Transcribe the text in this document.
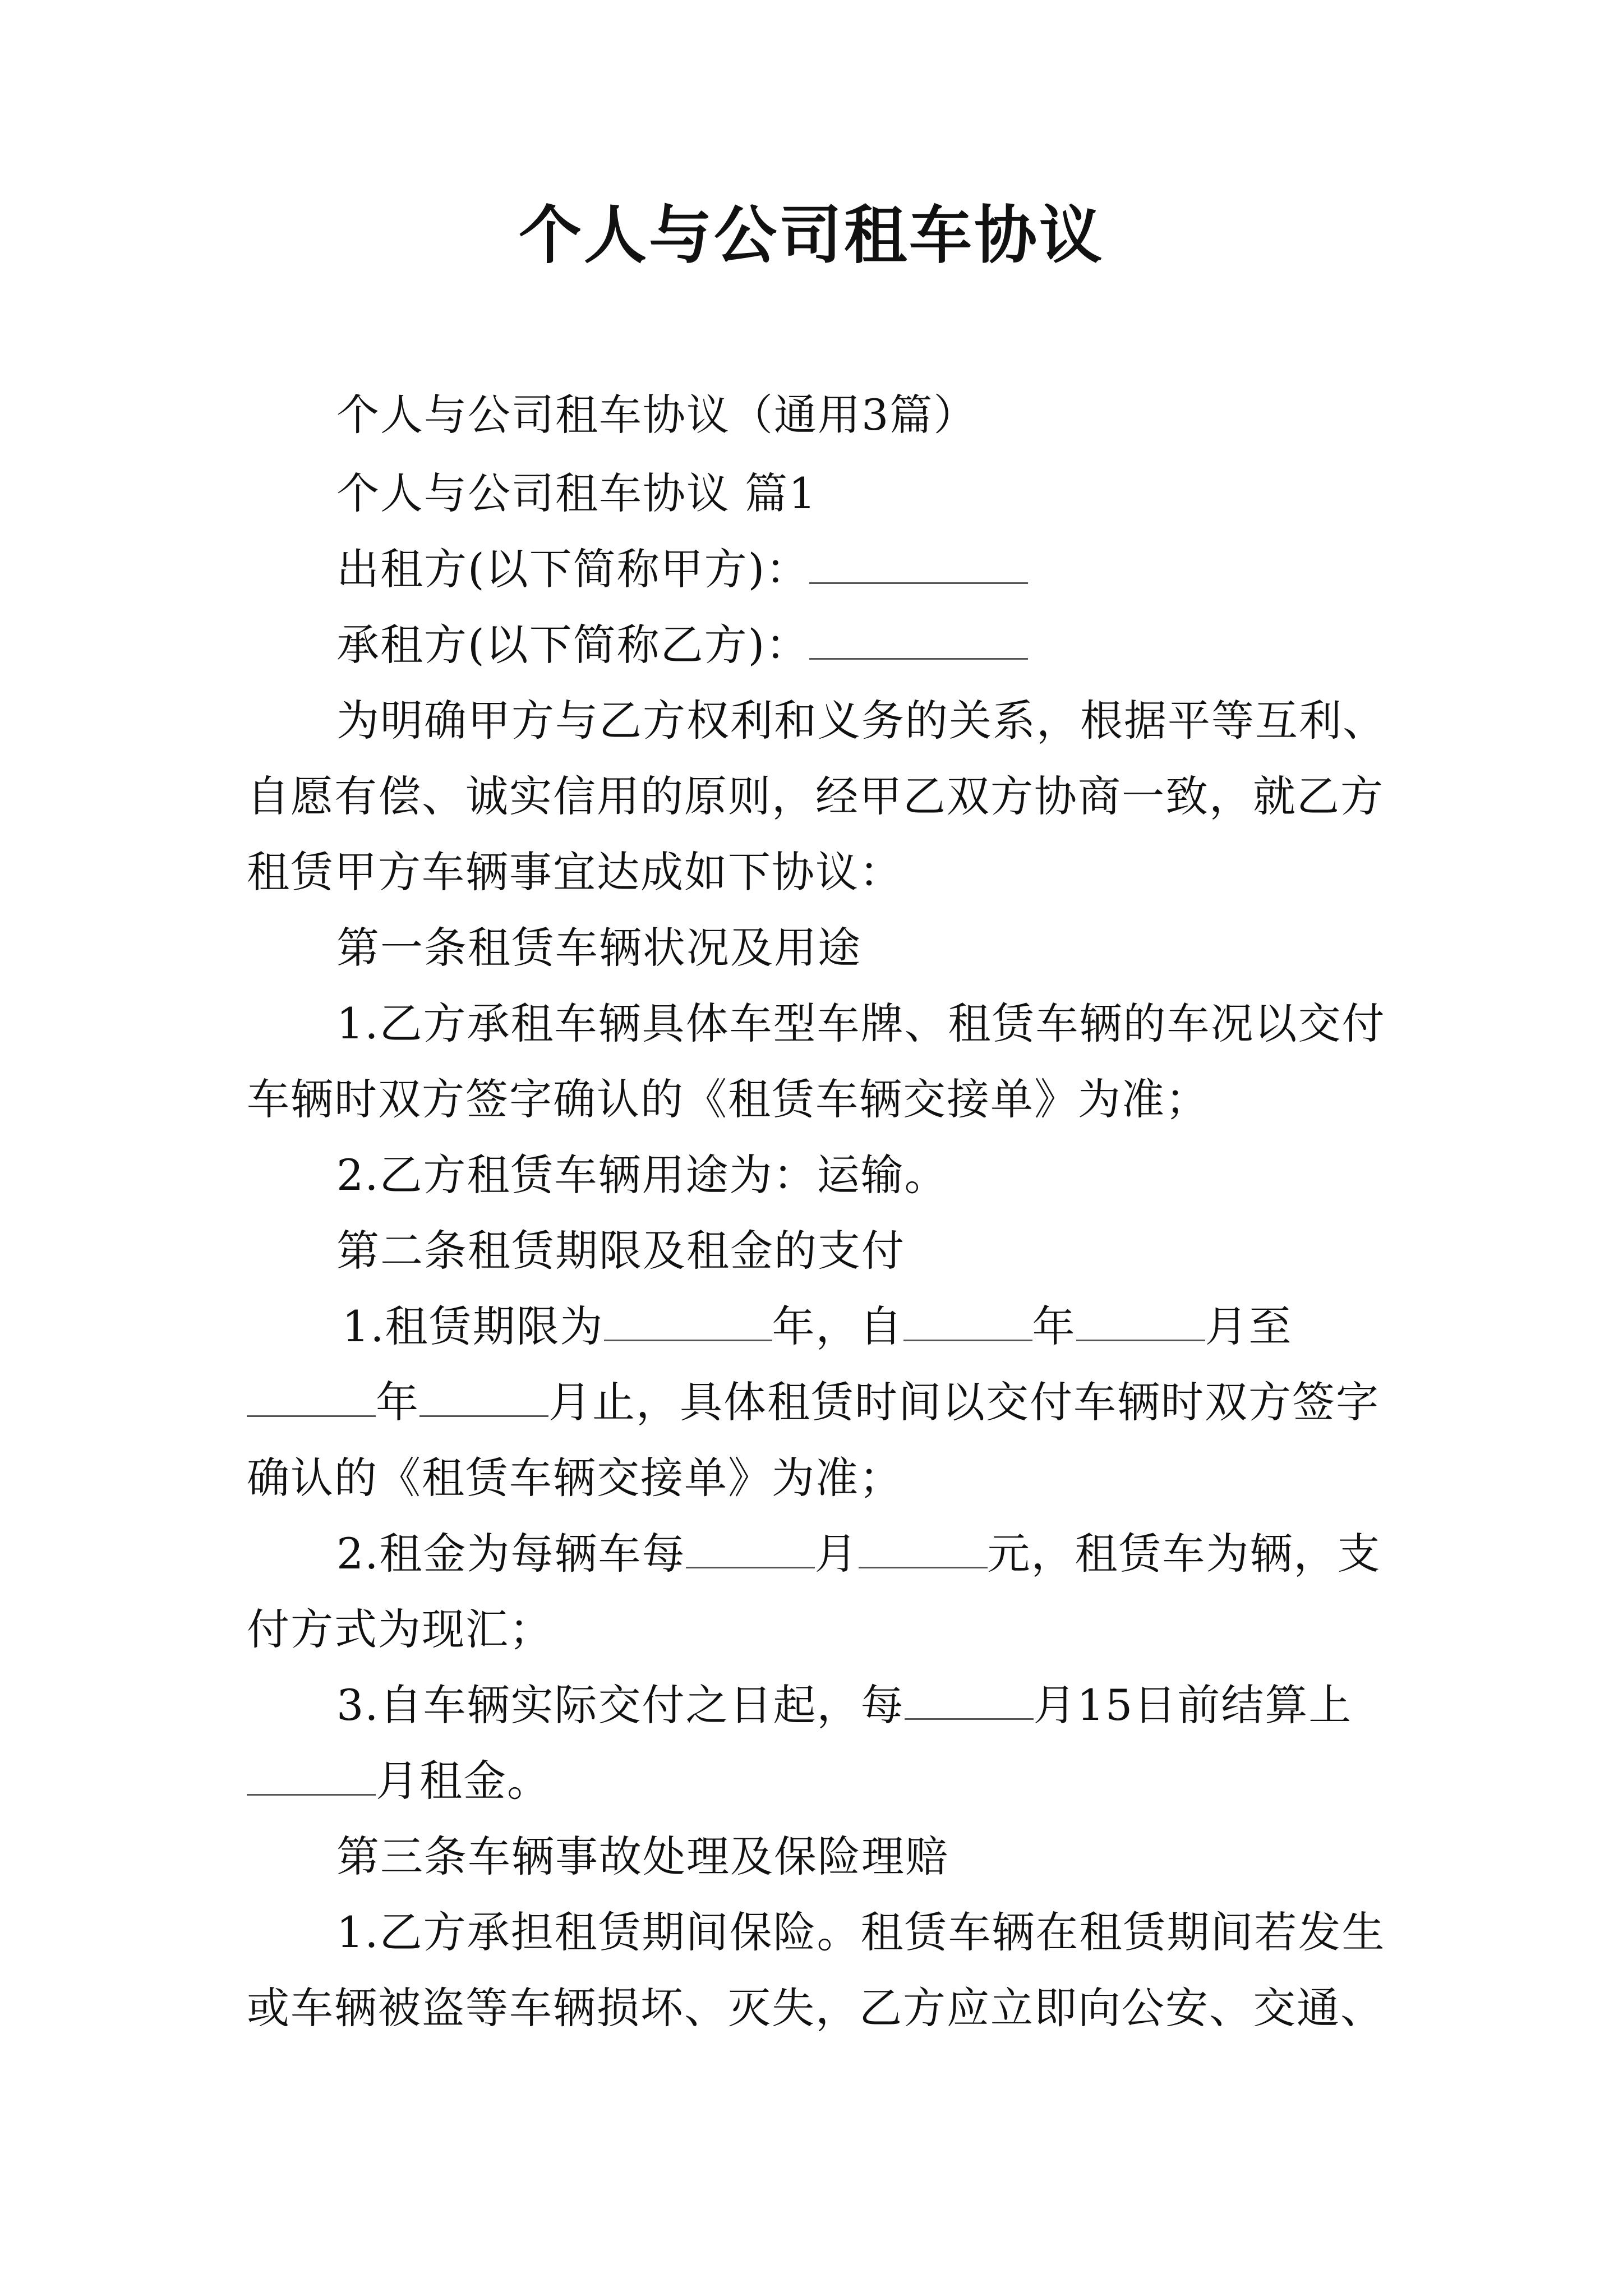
个人与公司租车协议
个人与公司租车协议（通用3篇）
个人与公司租车协议 篇1
出租方(以下简称甲方)：
承租方(以下简称乙方)：
为明确甲方与乙方权利和义务的关系，根据平等互利、
自愿有偿、诚实信用的原则，经甲乙双方协商一致，就乙方
租赁甲方车辆事宜达成如下协议：
第一条租赁车辆状况及用途
1.乙方承租车辆具体车型车牌、租赁车辆的车况以交付
车辆时双方签字确认的《租赁车辆交接单》为准；
2.乙方租赁车辆用途为：运输。
第二条租赁期限及租金的支付
1.租赁期限为	年，自	年	月至
年	月止，具体租赁时间以交付车辆时双方签字
确认的《租赁车辆交接单》为准；
2.租金为每辆车每	月	元，租赁车为辆，支
付方式为现汇；
3.自车辆实际交付之日起，每	月15日前结算上
月租金。
第三条车辆事故处理及保险理赔
1.乙方承担租赁期间保险。租赁车辆在租赁期间若发生
或车辆被盗等车辆损坏、灭失，乙方应立即向公安、交通、
